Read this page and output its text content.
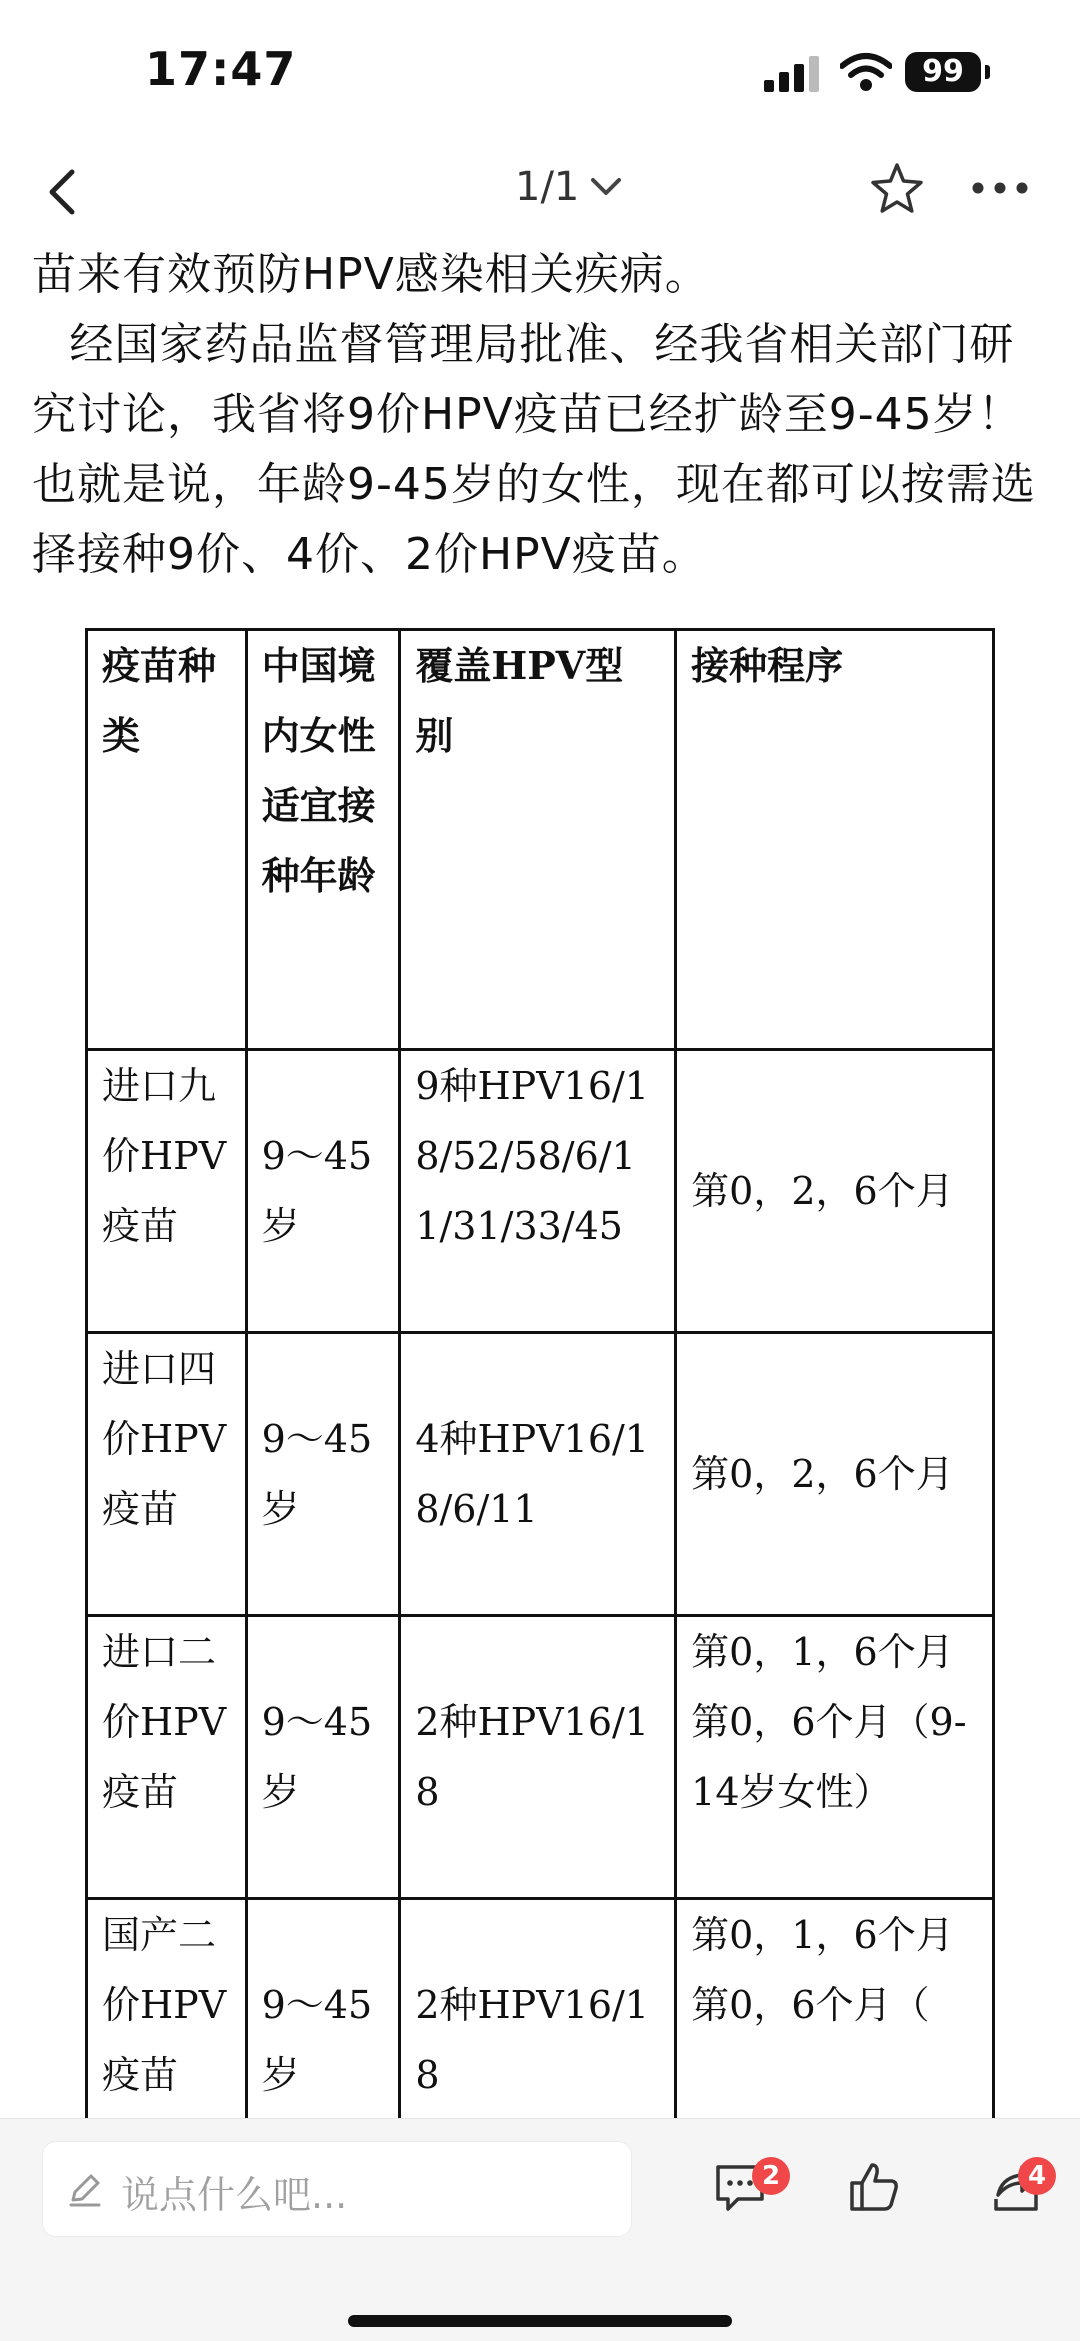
17:47	99
1/1

苗来有效预防HPV感染相关疾病。

经国家药品监督管理局批准、经我省相关部门研究讨论，我省将9价HPV疫苗已经扩龄至9-45岁！也就是说，年龄9-45岁的女性，现在都可以按需选择接种9价、4价、2价HPV疫苗。

疫苗种类	中国境内女性适宜接种年龄	覆盖HPV型别	接种程序
进口九价HPV疫苗	9～45岁	9种HPV16/18/52/58/6/11/31/33/45	第0，2，6个月
进口四价HPV疫苗	9～45岁	4种HPV16/18/6/11	第0，2，6个月
进口二价HPV疫苗	9～45岁	2种HPV16/18	第0，1，6个月第0，6个月（9-14岁女性）
国产二价HPV疫苗	9～45岁	2种HPV16/18	第0，1，6个月第0，6个月（
说点什么吧...	2	4
